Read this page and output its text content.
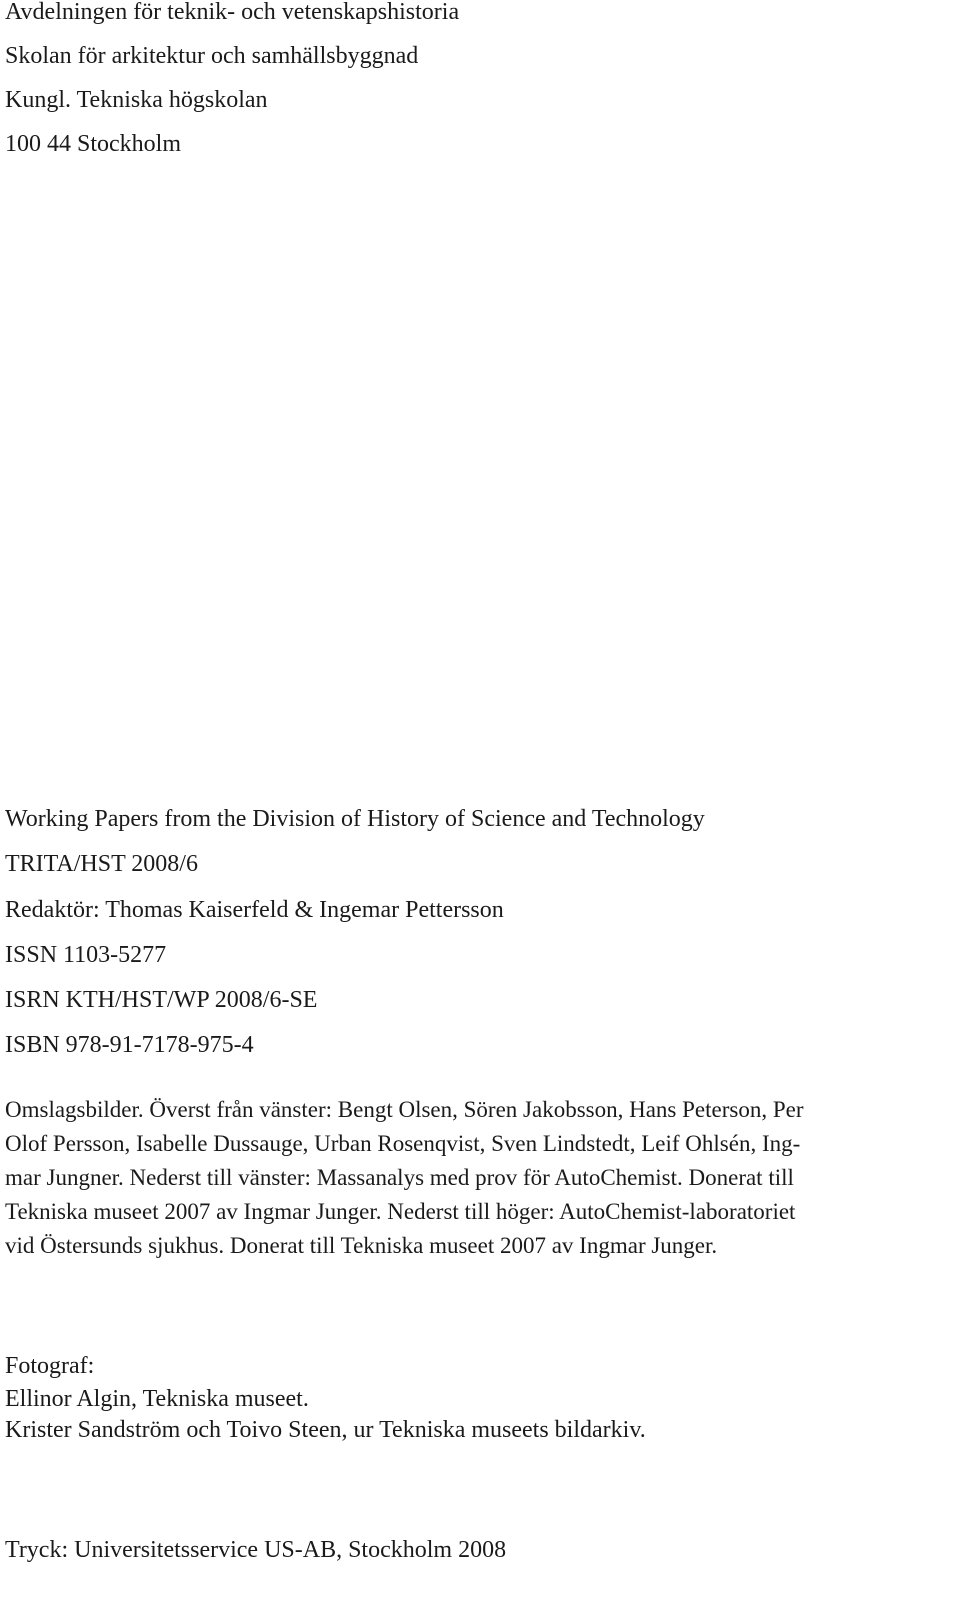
Avdelningen för teknik- och vetenskapshistoria

Skolan för arkitektur och samhällsbyggnad

Kungl. Tekniska högskolan

100 44 Stockholm

Working Papers from the Division of History of Science and Technology

TRITA/HST 2008/6

Redaktör: Thomas Kaiserfeld & Ingemar Pettersson

ISSN 1103-5277

ISRN KTH/HST/WP 2008/6-SE

ISBN 978-91-7178-975-4

Omslagsbilder. Överst från vänster: Bengt Olsen, Sören Jakobsson, Hans Peterson, Per
Olof Persson, Isabelle Dussauge, Urban Rosenqvist, Sven Lindstedt, Leif Ohlsén, Ing-
mar Jungner. Nederst till vänster: Massanalys med prov för AutoChemist. Donerat till
Tekniska museet 2007 av Ingmar Junger. Nederst till höger: AutoChemist-laboratoriet
vid Östersunds sjukhus. Donerat till Tekniska museet 2007 av Ingmar Junger.

Fotograf:

Ellinor Algin, Tekniska museet.

Krister Sandström och Toivo Steen, ur Tekniska museets bildarkiv.

Tryck: Universitetsservice US-AB, Stockholm 2008
